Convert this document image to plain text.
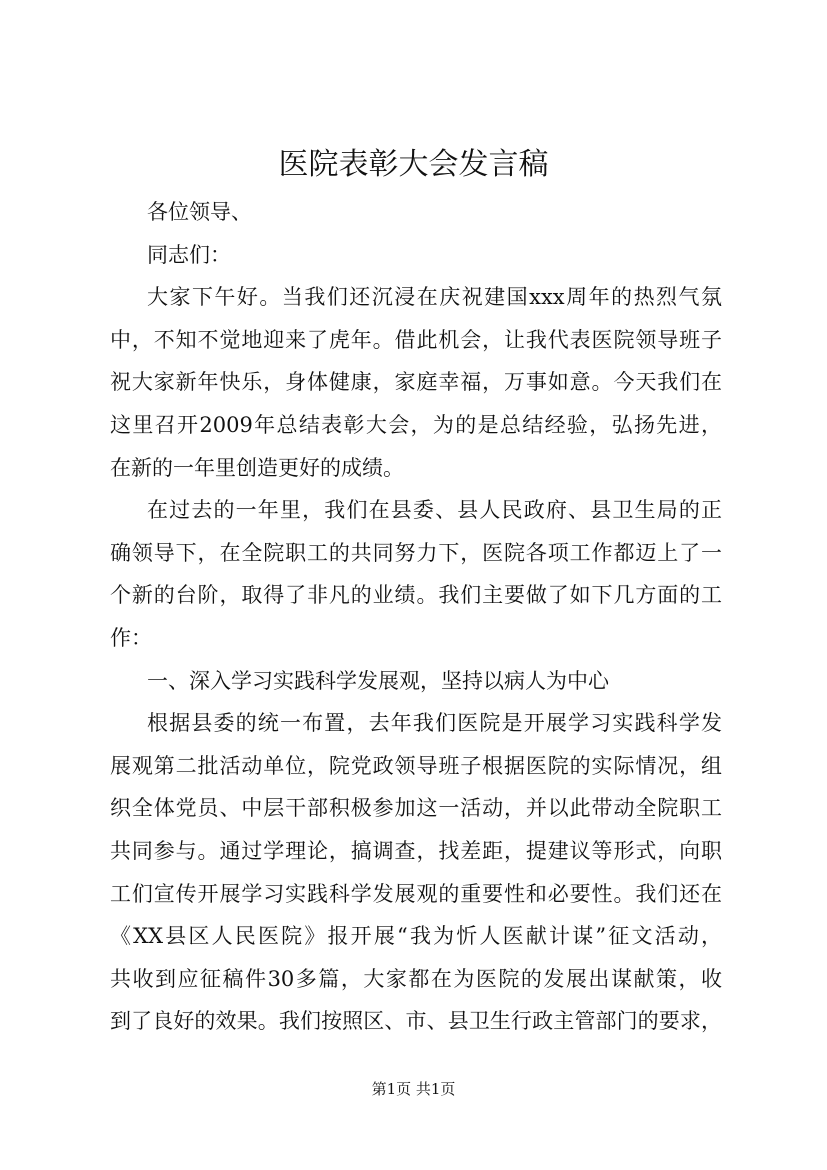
医院表彰大会发言稿
各位领导、
同志们：
大家下午好。当我们还沉浸在庆祝建国xxx周年的热烈气氛
中，不知不觉地迎来了虎年。借此机会，让我代表医院领导班子
祝大家新年快乐，身体健康，家庭幸福，万事如意。今天我们在
这里召开2009年总结表彰大会，为的是总结经验，弘扬先进，
在新的一年里创造更好的成绩。
在过去的一年里，我们在县委、县人民政府、县卫生局的正
确领导下，在全院职工的共同努力下，医院各项工作都迈上了一
个新的台阶，取得了非凡的业绩。我们主要做了如下几方面的工
作：
一、深入学习实践科学发展观，坚持以病人为中心
根据县委的统一布置，去年我们医院是开展学习实践科学发
展观第二批活动单位，院党政领导班子根据医院的实际情况，组
织全体党员、中层干部积极参加这一活动，并以此带动全院职工
共同参与。通过学理论，搞调查，找差距，提建议等形式，向职
工们宣传开展学习实践科学发展观的重要性和必要性。我们还在
《XX县区人民医院》报开展“我为忻人医献计谋”征文活动，
共收到应征稿件30多篇，大家都在为医院的发展出谋献策，收
到了良好的效果。我们按照区、市、县卫生行政主管部门的要求，
第1页 共1页
